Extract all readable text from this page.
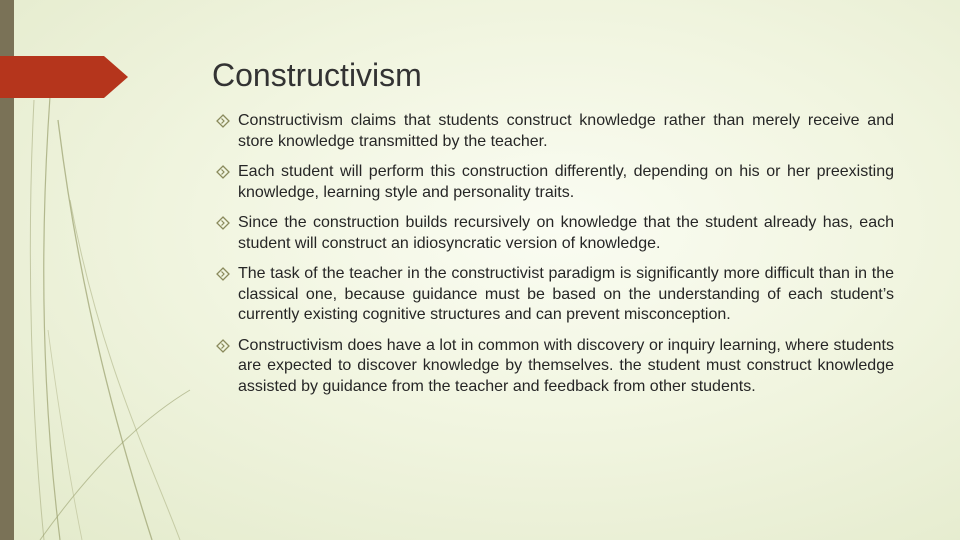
Constructivism
Constructivism claims that students construct knowledge rather than merely receive and store knowledge transmitted by the teacher.
Each student will perform this construction differently, depending on his or her preexisting knowledge, learning style and personality traits.
Since the construction builds recursively on knowledge that the student already has, each student will construct an idiosyncratic version of knowledge.
The task of the teacher in the constructivist paradigm is significantly more difficult than in the classical one, because guidance must be based on the understanding of each student’s currently existing cognitive structures and can prevent misconception.
Constructivism does have a lot in common with discovery or inquiry learning, where students are expected to discover knowledge by themselves. the student must construct knowledge assisted by guidance from the teacher and feedback from other students.
